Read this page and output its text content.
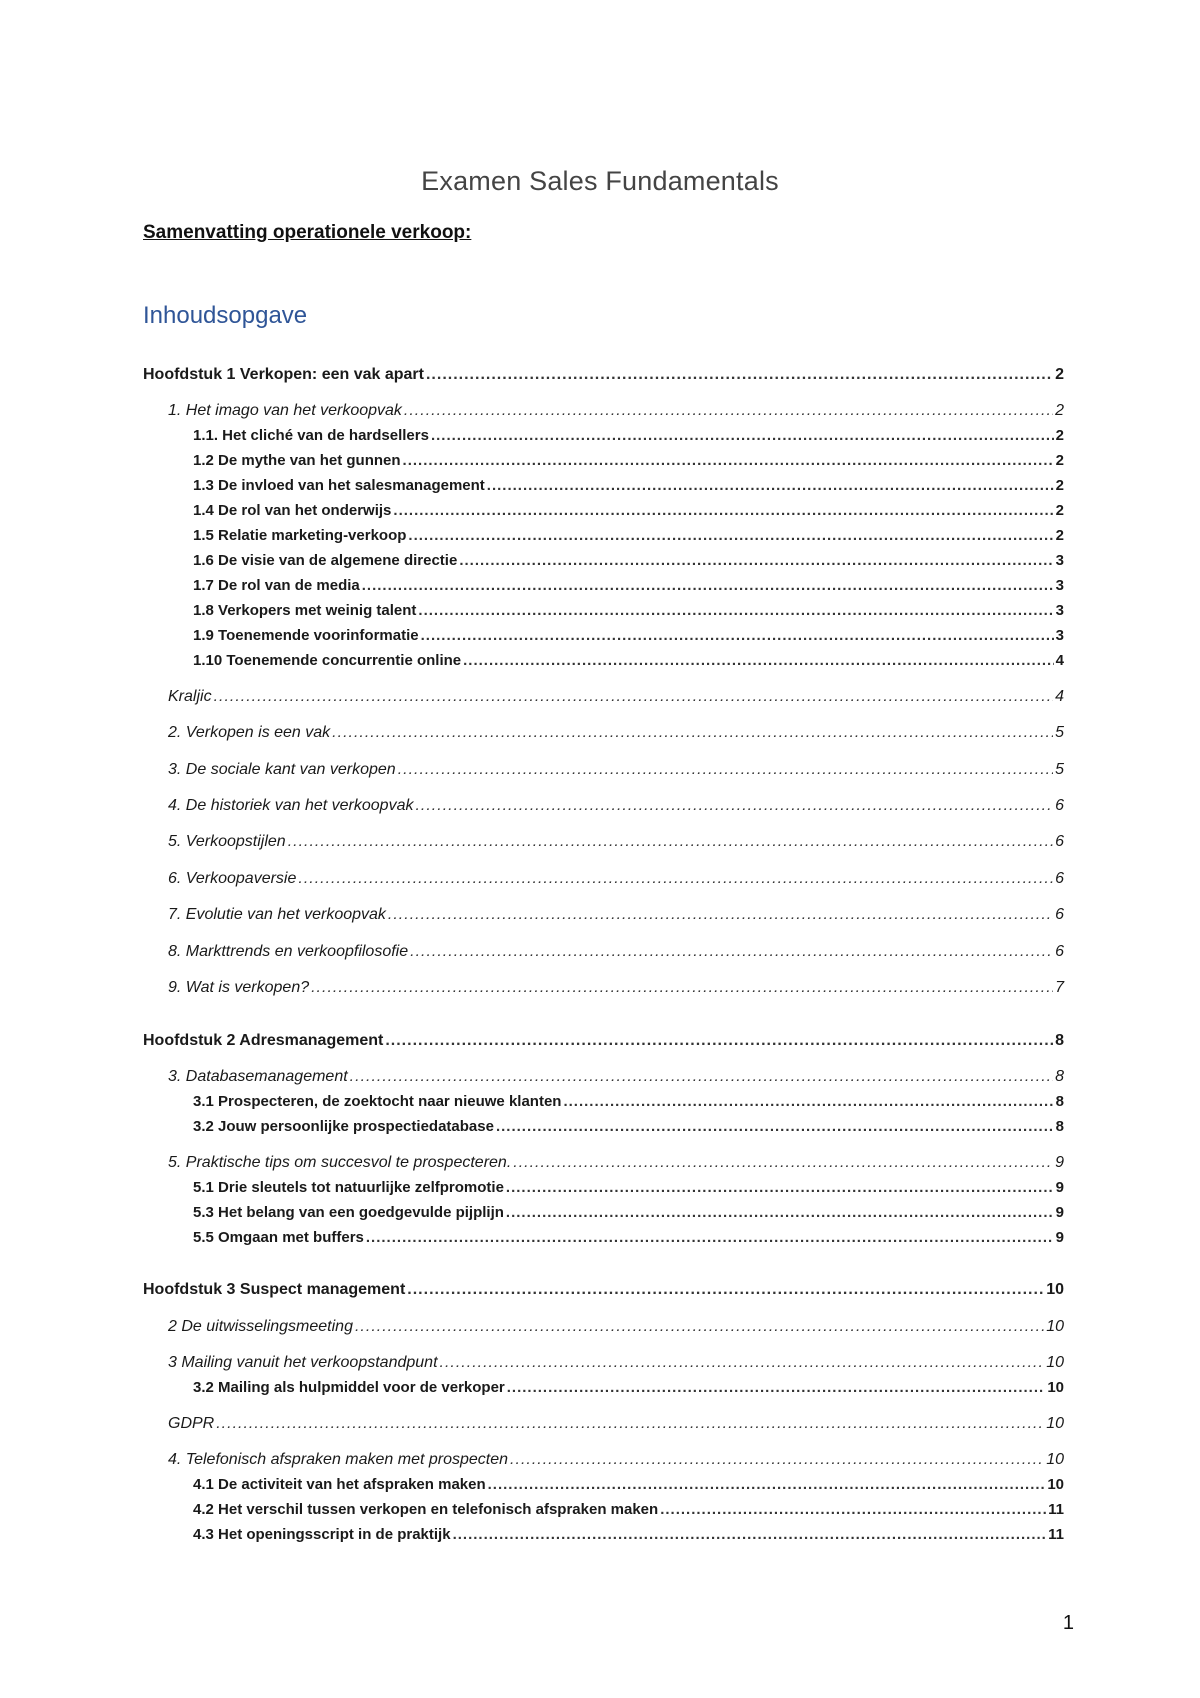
Examen Sales Fundamentals
Samenvatting operationele verkoop:
Inhoudsopgave
Hoofdstuk 1 Verkopen: een vak apart .....	2
1. Het imago van het verkoopvak .....	2
1.1. Het cliché van de hardsellers .....	2
1.2 De mythe van het gunnen .....	2
1.3 De invloed van het salesmanagement .....	2
1.4 De rol van het onderwijs .....	2
1.5 Relatie marketing-verkoop .....	2
1.6 De visie van de algemene directie .....	3
1.7 De rol van de media .....	3
1.8 Verkopers met weinig talent .....	3
1.9 Toenemende voorinformatie .....	3
1.10 Toenemende concurrentie online .....	4
Kraljic .....	4
2. Verkopen is een vak .....	5
3. De sociale kant van verkopen .....	5
4. De historiek van het verkoopvak .....	6
5. Verkoopstijlen .....	6
6. Verkoopaversie .....	6
7. Evolutie van het verkoopvak .....	6
8. Markttrends en verkoopfilosofie .....	6
9. Wat is verkopen? .....	7
Hoofdstuk 2 Adresmanagement .....	8
3. Databasemanagement .....	8
3.1 Prospecteren, de zoektocht naar nieuwe klanten .....	8
3.2 Jouw persoonlijke prospectiedatabase .....	8
5. Praktische tips om succesvol te prospecteren. .....	9
5.1 Drie sleutels tot natuurlijke zelfpromotie .....	9
5.3 Het belang van een goedgevulde pijplijn .....	9
5.5 Omgaan met buffers .....	9
Hoofdstuk 3 Suspect management .....	10
2 De uitwisselingsmeeting .....	10
3 Mailing vanuit het verkoopstandpunt .....	10
3.2 Mailing als hulpmiddel voor de verkoper .....	10
GDPR .....	10
4. Telefonisch afspraken maken met prospecten .....	10
4.1 De activiteit van het afspraken maken .....	10
4.2 Het verschil tussen verkopen en telefonisch afspraken maken .....	11
4.3 Het openingsscript in de praktijk .....	11
1
